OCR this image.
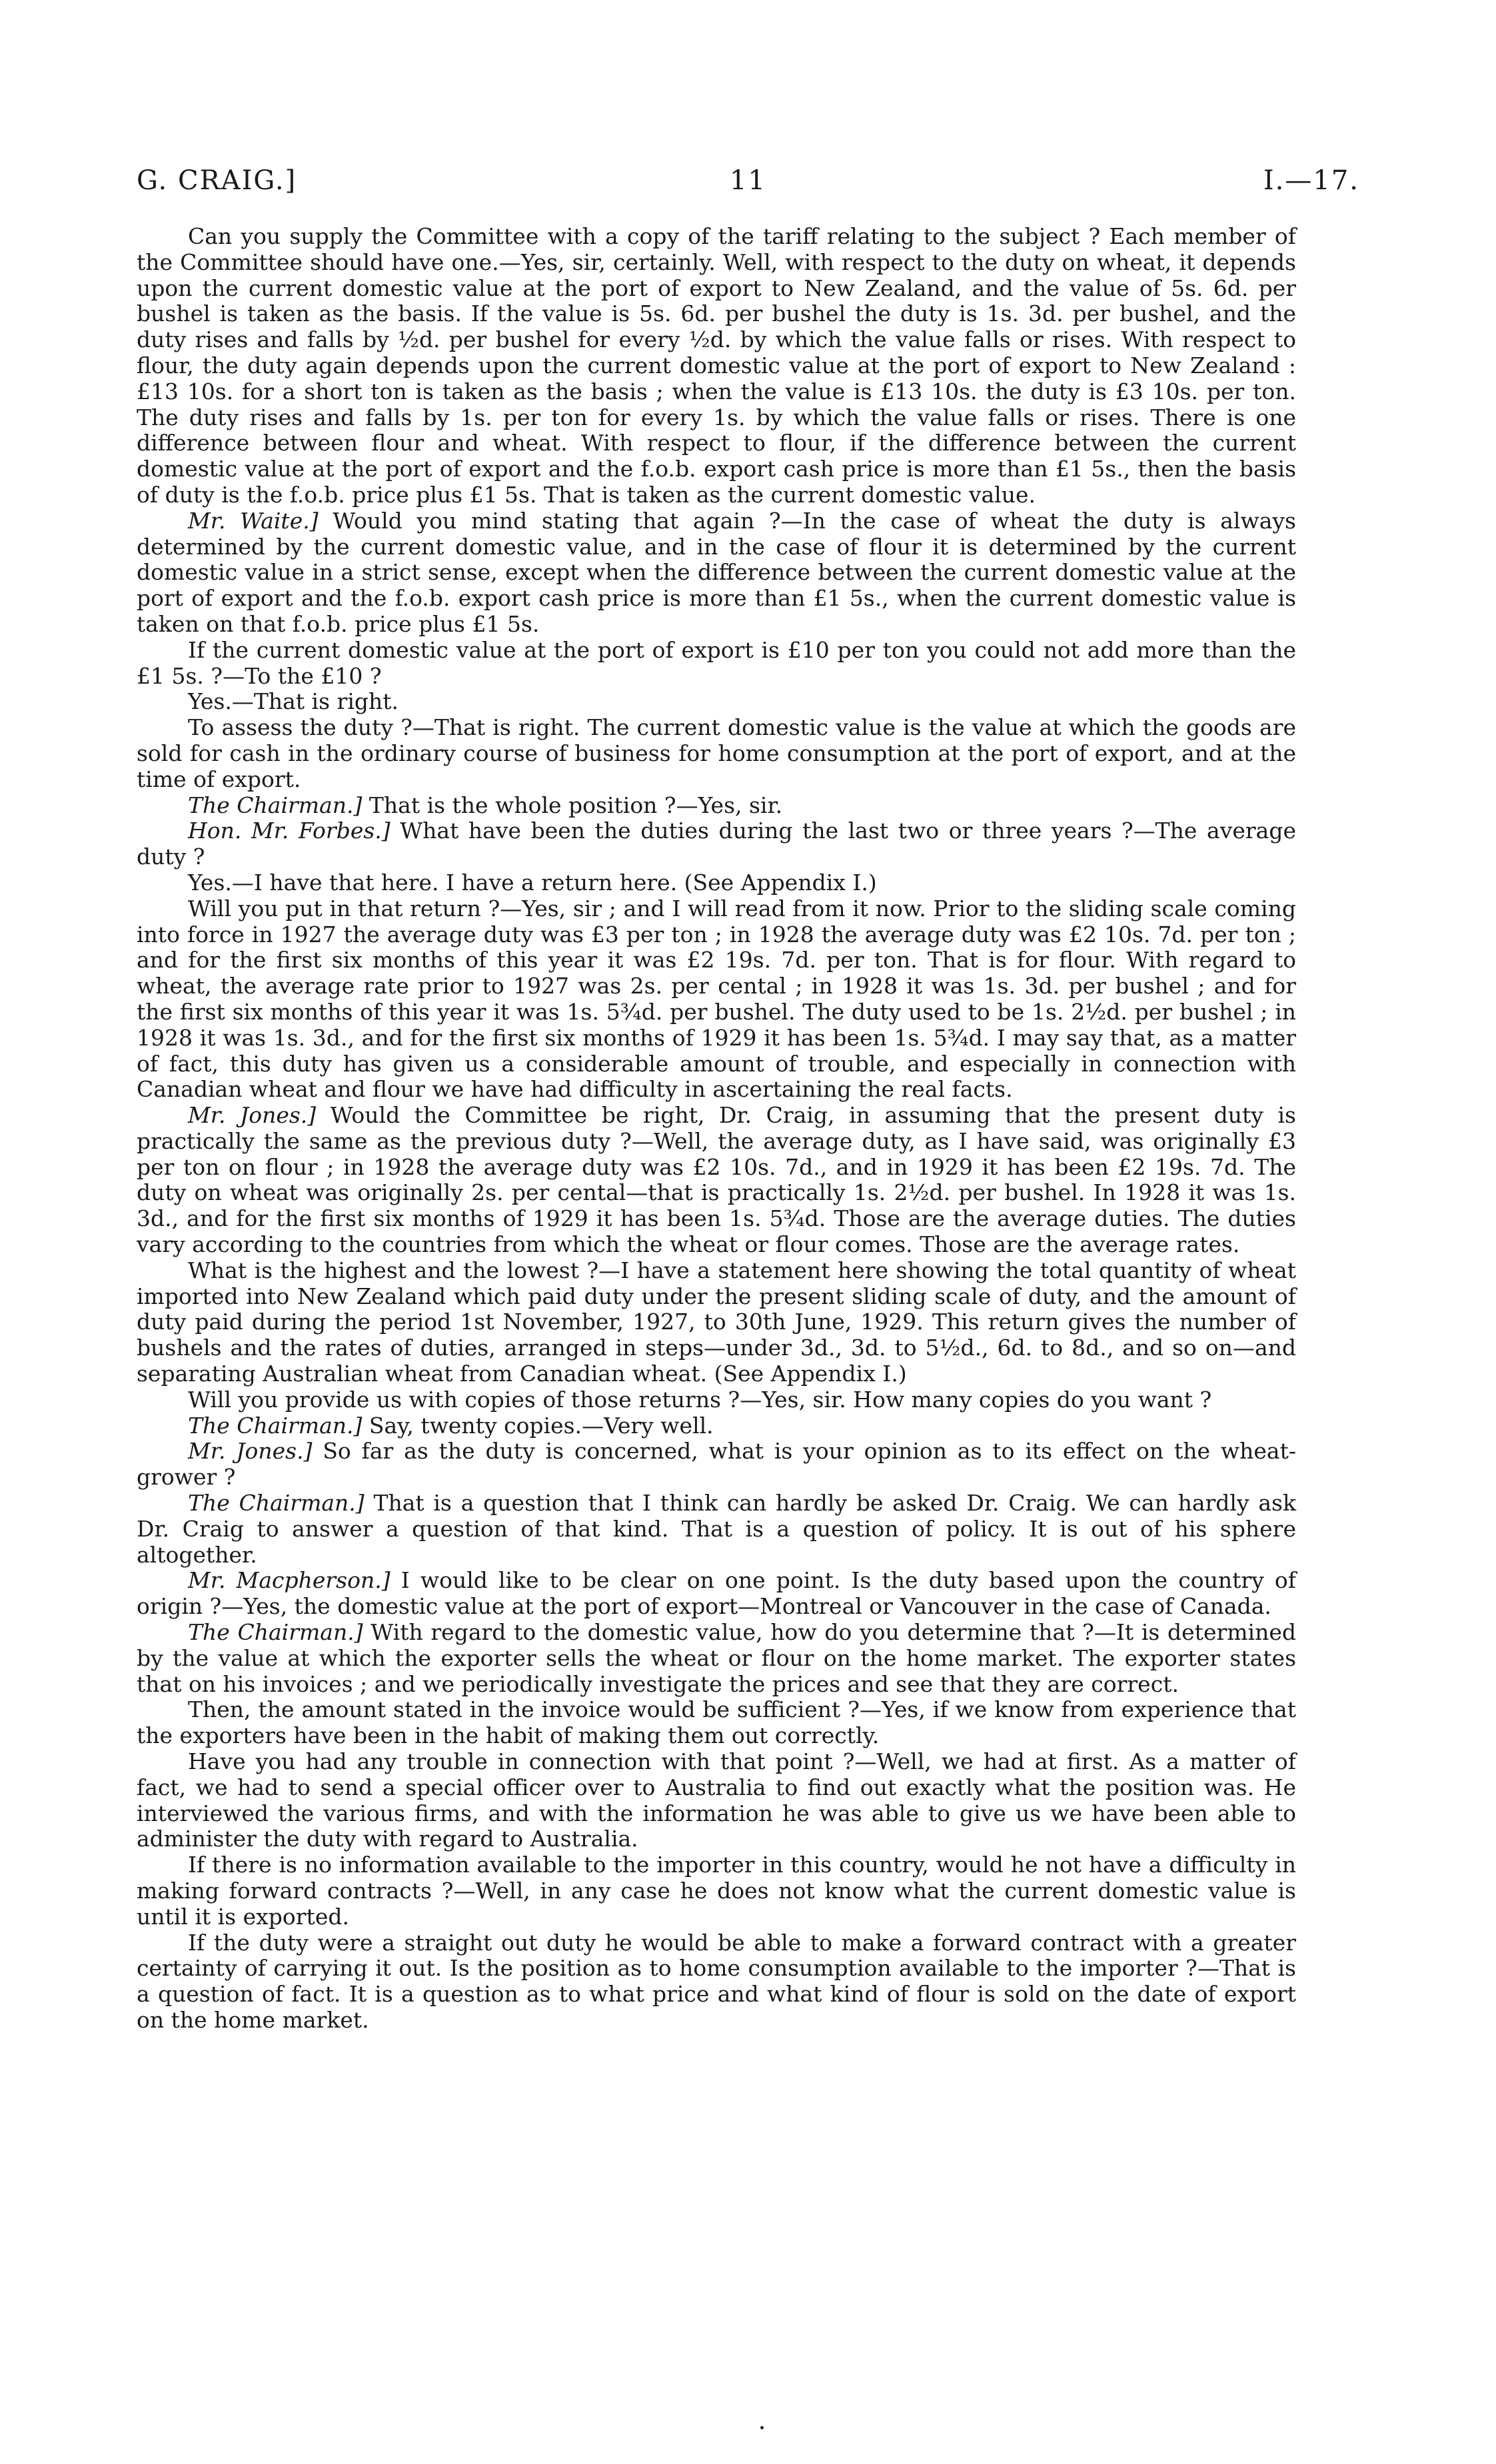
G. CRAIG.]	11	I.—17.

Can you supply the Committee with a copy of the tariff relating to the subject ? Each member of the Committee should have one.—Yes, sir, certainly. Well, with respect to the duty on wheat, it depends upon the current domestic value at the port of export to New Zealand, and the value of 5s. 6d. per bushel is taken as the basis. If the value is 5s. 6d. per bushel the duty is 1s. 3d. per bushel, and the duty rises and falls by ½d. per bushel for every ½d. by which the value falls or rises. With respect to flour, the duty again depends upon the current domestic value at the port of export to New Zealand : £13 10s. for a short ton is taken as the basis ; when the value is £13 10s. the duty is £3 10s. per ton. The duty rises and falls by 1s. per ton for every 1s. by which the value falls or rises. There is one difference between flour and wheat. With respect to flour, if the difference between the current domestic value at the port of export and the f.o.b. export cash price is more than £1 5s., then the basis of duty is the f.o.b. price plus £1 5s. That is taken as the current domestic value.

Mr. Waite.] Would you mind stating that again ?—In the case of wheat the duty is always determined by the current domestic value, and in the case of flour it is determined by the current domestic value in a strict sense, except when the difference between the current domestic value at the port of export and the f.o.b. export cash price is more than £1 5s., when the current domestic value is taken on that f.o.b. price plus £1 5s.

If the current domestic value at the port of export is £10 per ton you could not add more than the £1 5s. ?—To the £10 ?

Yes.—That is right.

To assess the duty ?—That is right. The current domestic value is the value at which the goods are sold for cash in the ordinary course of business for home consumption at the port of export, and at the time of export.

The Chairman.] That is the whole position ?—Yes, sir.

Hon. Mr. Forbes.] What have been the duties during the last two or three years ?—The average duty ?

Yes.—I have that here. I have a return here. (See Appendix I.)

Will you put in that return ?—Yes, sir ; and I will read from it now. Prior to the sliding scale coming into force in 1927 the average duty was £3 per ton ; in 1928 the average duty was £2 10s. 7d. per ton ; and for the first six months of this year it was £2 19s. 7d. per ton. That is for flour. With regard to wheat, the average rate prior to 1927 was 2s. per cental ; in 1928 it was 1s. 3d. per bushel ; and for the first six months of this year it was 1s. 5¾d. per bushel. The duty used to be 1s. 2½d. per bushel ; in 1928 it was 1s. 3d., and for the first six months of 1929 it has been 1s. 5¾d. I may say that, as a matter of fact, this duty has given us a considerable amount of trouble, and especially in connection with Canadian wheat and flour we have had difficulty in ascertaining the real facts.

Mr. Jones.] Would the Committee be right, Dr. Craig, in assuming that the present duty is practically the same as the previous duty ?—Well, the average duty, as I have said, was originally £3 per ton on flour ; in 1928 the average duty was £2 10s. 7d., and in 1929 it has been £2 19s. 7d. The duty on wheat was originally 2s. per cental—that is practically 1s. 2½d. per bushel. In 1928 it was 1s. 3d., and for the first six months of 1929 it has been 1s. 5¾d. Those are the average duties. The duties vary according to the countries from which the wheat or flour comes. Those are the average rates.

What is the highest and the lowest ?—I have a statement here showing the total quantity of wheat imported into New Zealand which paid duty under the present sliding scale of duty, and the amount of duty paid during the period 1st November, 1927, to 30th June, 1929. This return gives the number of bushels and the rates of duties, arranged in steps—under 3d., 3d. to 5½d., 6d. to 8d., and so on—and separating Australian wheat from Canadian wheat. (See Appendix I.)

Will you provide us with copies of those returns ?—Yes, sir. How many copies do you want ?

The Chairman.] Say, twenty copies.—Very well.

Mr. Jones.] So far as the duty is concerned, what is your opinion as to its effect on the wheat-grower ?

The Chairman.] That is a question that I think can hardly be asked Dr. Craig. We can hardly ask Dr. Craig to answer a question of that kind. That is a question of policy. It is out of his sphere altogether.

Mr. Macpherson.] I would like to be clear on one point. Is the duty based upon the country of origin ?—Yes, the domestic value at the port of export—Montreal or Vancouver in the case of Canada.

The Chairman.] With regard to the domestic value, how do you determine that ?—It is determined by the value at which the exporter sells the wheat or flour on the home market. The exporter states that on his invoices ; and we periodically investigate the prices and see that they are correct.

Then, the amount stated in the invoice would be sufficient ?—Yes, if we know from experience that the exporters have been in the habit of making them out correctly.

Have you had any trouble in connection with that point ?—Well, we had at first. As a matter of fact, we had to send a special officer over to Australia to find out exactly what the position was. He interviewed the various firms, and with the information he was able to give us we have been able to administer the duty with regard to Australia.

If there is no information available to the importer in this country, would he not have a difficulty in making forward contracts ?—Well, in any case he does not know what the current domestic value is until it is exported.

If the duty were a straight out duty he would be able to make a forward contract with a greater certainty of carrying it out. Is the position as to home consumption available to the importer ?—That is a question of fact. It is a question as to what price and what kind of flour is sold on the date of export on the home market.
